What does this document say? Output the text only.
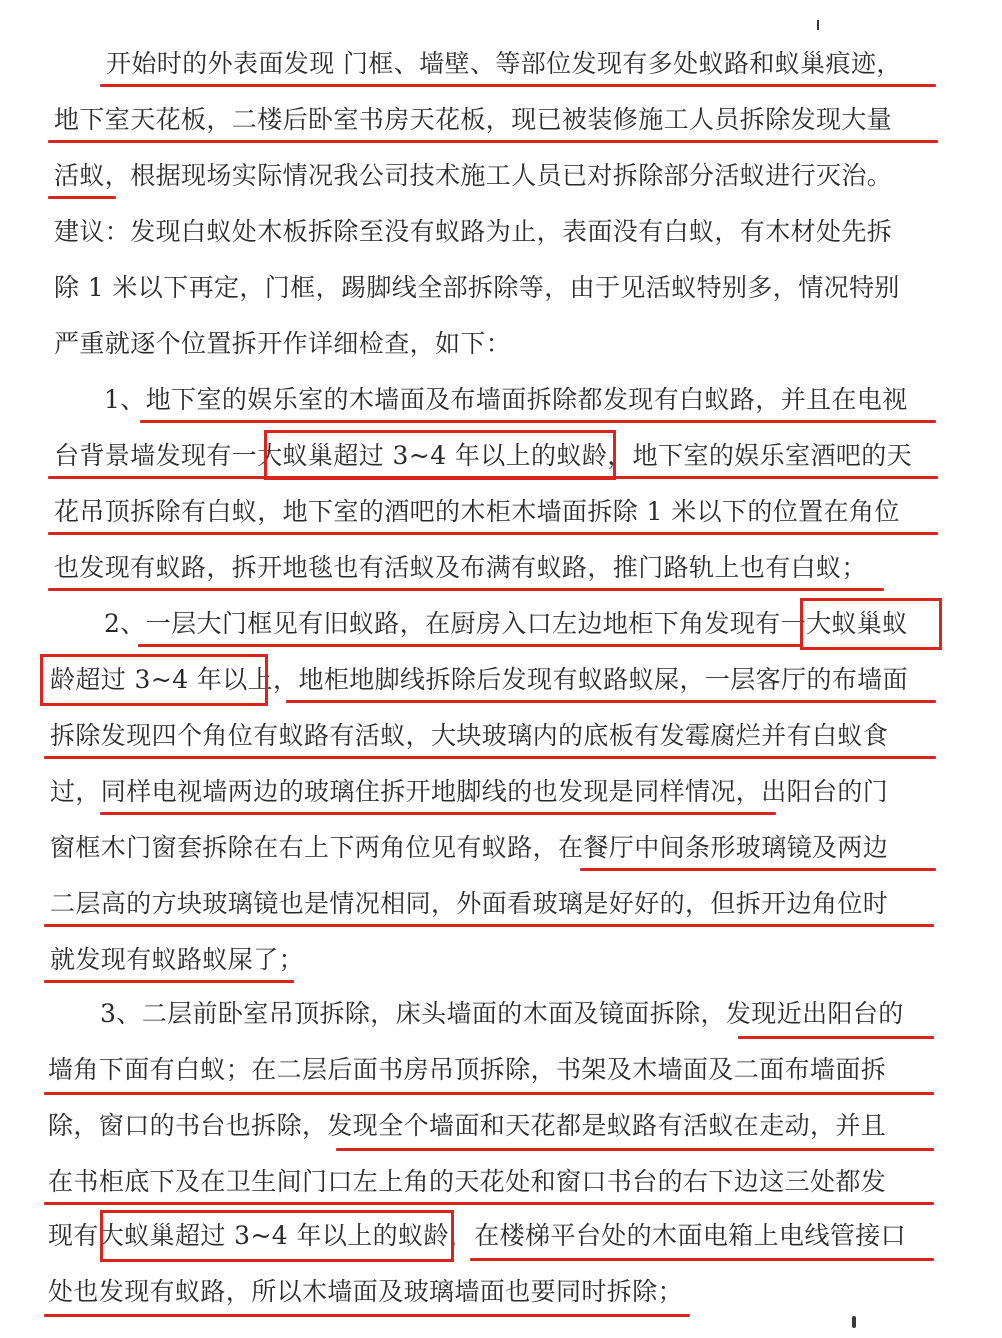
开始时的外表面发现 门框、墙壁、等部位发现有多处蚁路和蚁巢痕迹，
地下室天花板，二楼后卧室书房天花板，现已被装修施工人员拆除发现大量
活蚁，根据现场实际情况我公司技术施工人员已对拆除部分活蚁进行灭治。
建议：发现白蚁处木板拆除至没有蚁路为止，表面没有白蚁，有木材处先拆
除 1 米以下再定，门框，踢脚线全部拆除等，由于见活蚁特别多，情况特别
严重就逐个位置拆开作详细检查，如下：
1、地下室的娱乐室的木墙面及布墙面拆除都发现有白蚁路，并且在电视
台背景墙发现有一大蚁巢超过 3~4 年以上的蚁龄，地下室的娱乐室酒吧的天
花吊顶拆除有白蚁，地下室的酒吧的木柜木墙面拆除 1 米以下的位置在角位
也发现有蚁路，拆开地毯也有活蚁及布满有蚁路，推门路轨上也有白蚁；
2、一层大门框见有旧蚁路，在厨房入口左边地柜下角发现有一大蚁巢蚁
龄超过 3~4 年以上，地柜地脚线拆除后发现有蚁路蚁屎，一层客厅的布墙面
拆除发现四个角位有蚁路有活蚁，大块玻璃内的底板有发霉腐烂并有白蚁食
过，同样电视墙两边的玻璃住拆开地脚线的也发现是同样情况，出阳台的门
窗框木门窗套拆除在右上下两角位见有蚁路，在餐厅中间条形玻璃镜及两边
二层高的方块玻璃镜也是情况相同，外面看玻璃是好好的，但拆开边角位时
就发现有蚁路蚁屎了；
3、二层前卧室吊顶拆除，床头墙面的木面及镜面拆除，发现近出阳台的
墙角下面有白蚁；在二层后面书房吊顶拆除，书架及木墙面及二面布墙面拆
除，窗口的书台也拆除，发现全个墙面和天花都是蚁路有活蚁在走动，并且
在书柜底下及在卫生间门口左上角的天花处和窗口书台的右下边这三处都发
现有大蚁巢超过 3~4 年以上的蚁龄，在楼梯平台处的木面电箱上电线管接口
处也发现有蚁路，所以木墙面及玻璃墙面也要同时拆除；
